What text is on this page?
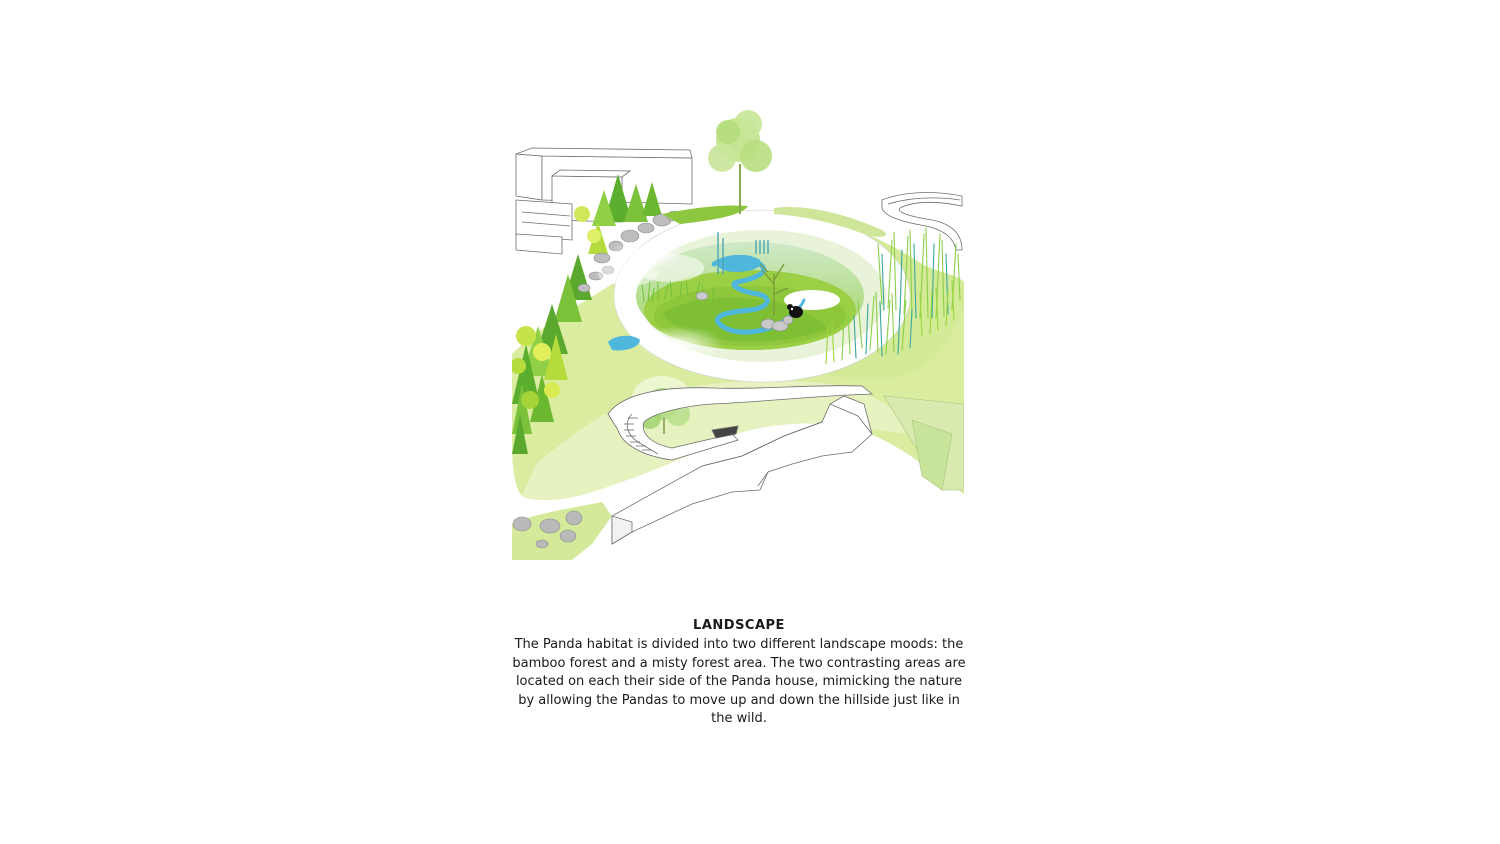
LANDSCAPE

The Panda habitat is divided into two different landscape moods: the bamboo forest and a misty forest area. The two contrasting areas are located on each their side of the Panda house, mimicking the nature by allowing the Pandas to move up and down the hillside just like in the wild.
